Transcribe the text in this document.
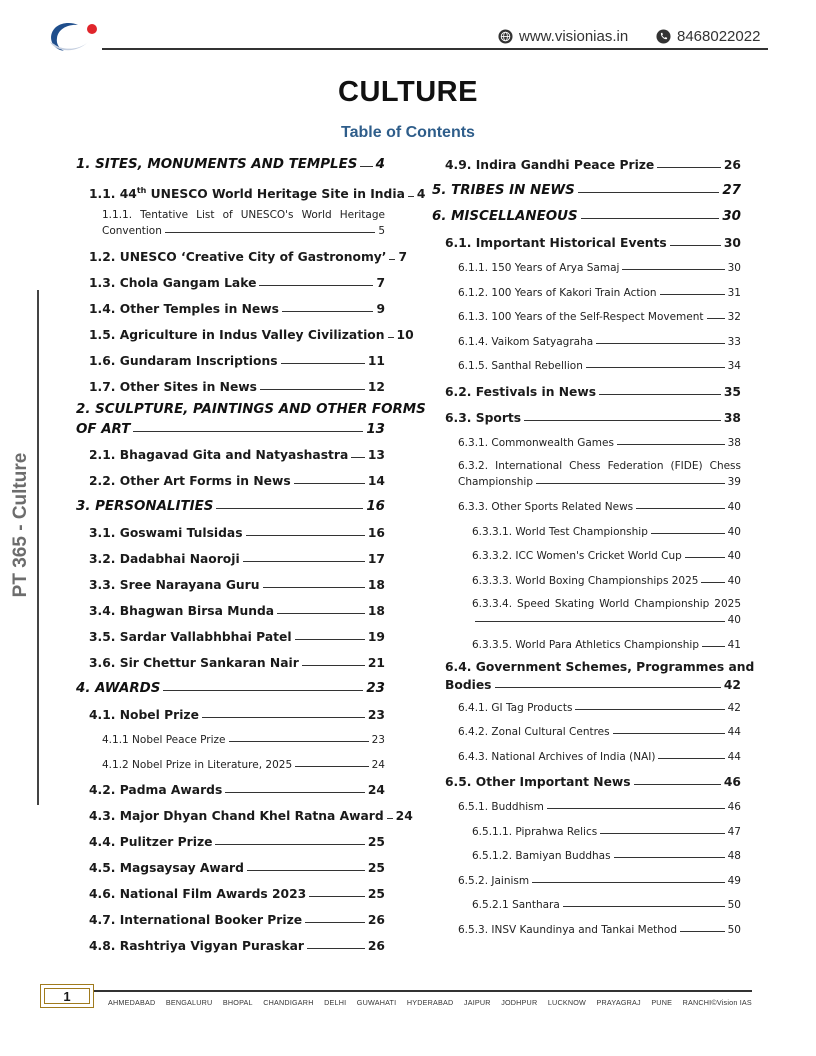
www.visionias.in	8468022022
CULTURE
Table of Contents
PT 365 - Culture
1. SITES, MONUMENTS AND TEMPLES 4
1.1. 44th UNESCO World Heritage Site in India 4
1.1.1. Tentative List of UNESCO's World Heritage
Convention	5
1.2. UNESCO ‘Creative City of Gastronomy’ 7
1.3. Chola Gangam Lake	7
1.4. Other Temples in News	9
1.5. Agriculture in Indus Valley Civilization 10
1.6. Gundaram Inscriptions	11
1.7. Other Sites in News	12
2. SCULPTURE, PAINTINGS AND OTHER FORMS
OF ART	13
2.1. Bhagavad Gita and Natyashastra 13
2.2. Other Art Forms in News	14
3. PERSONALITIES	16
3.1. Goswami Tulsidas	16
3.2. Dadabhai Naoroji	17
3.3. Sree Narayana Guru	18
3.4. Bhagwan Birsa Munda	18
3.5. Sardar Vallabhbhai Patel	19
3.6. Sir Chettur Sankaran Nair	21
4. AWARDS	23
4.1. Nobel Prize	23
4.1.1 Nobel Peace Prize	23
4.1.2 Nobel Prize in Literature, 2025	24
4.2. Padma Awards	24
4.3. Major Dhyan Chand Khel Ratna Award 24
4.4. Pulitzer Prize	25
4.5. Magsaysay Award	25
4.6. National Film Awards 2023	25
4.7. International Booker Prize	26
4.8. Rashtriya Vigyan Puraskar	26
4.9. Indira Gandhi Peace Prize	26
5. TRIBES IN NEWS	27
6. MISCELLANEOUS	30
6.1. Important Historical Events	30
6.1.1. 150 Years of Arya Samaj	30
6.1.2. 100 Years of Kakori Train Action	31
6.1.3. 100 Years of the Self-Respect Movement 32
6.1.4. Vaikom Satyagraha	33
6.1.5. Santhal Rebellion	34
6.2. Festivals in News	35
6.3. Sports	38
6.3.1. Commonwealth Games	38
6.3.2. International Chess Federation (FIDE) Chess
Championship	39
6.3.3. Other Sports Related News	40
6.3.3.1. World Test Championship	40
6.3.3.2. ICC Women's Cricket World Cup	40
6.3.3.3. World Boxing Championships 2025	40
6.3.3.4. Speed Skating World Championship 2025
40
6.3.3.5. World Para Athletics Championship	41
6.4. Government Schemes, Programmes and
Bodies	42
6.4.1. GI Tag Products	42
6.4.2. Zonal Cultural Centres	44
6.4.3. National Archives of India (NAI)	44
6.5. Other Important News	46
6.5.1. Buddhism	46
6.5.1.1. Piprahwa Relics	47
6.5.1.2. Bamiyan Buddhas	48
6.5.2. Jainism	49
6.5.2.1 Santhara	50
6.5.3. INSV Kaundinya and Tankai Method	50
1	AHMEDABAD BENGALURU BHOPAL CHANDIGARH DELHI GUWAHATI HYDERABAD JAIPUR JODHPUR LUCKNOW PRAYAGRAJ PUNE RANCHI©Vision IAS
